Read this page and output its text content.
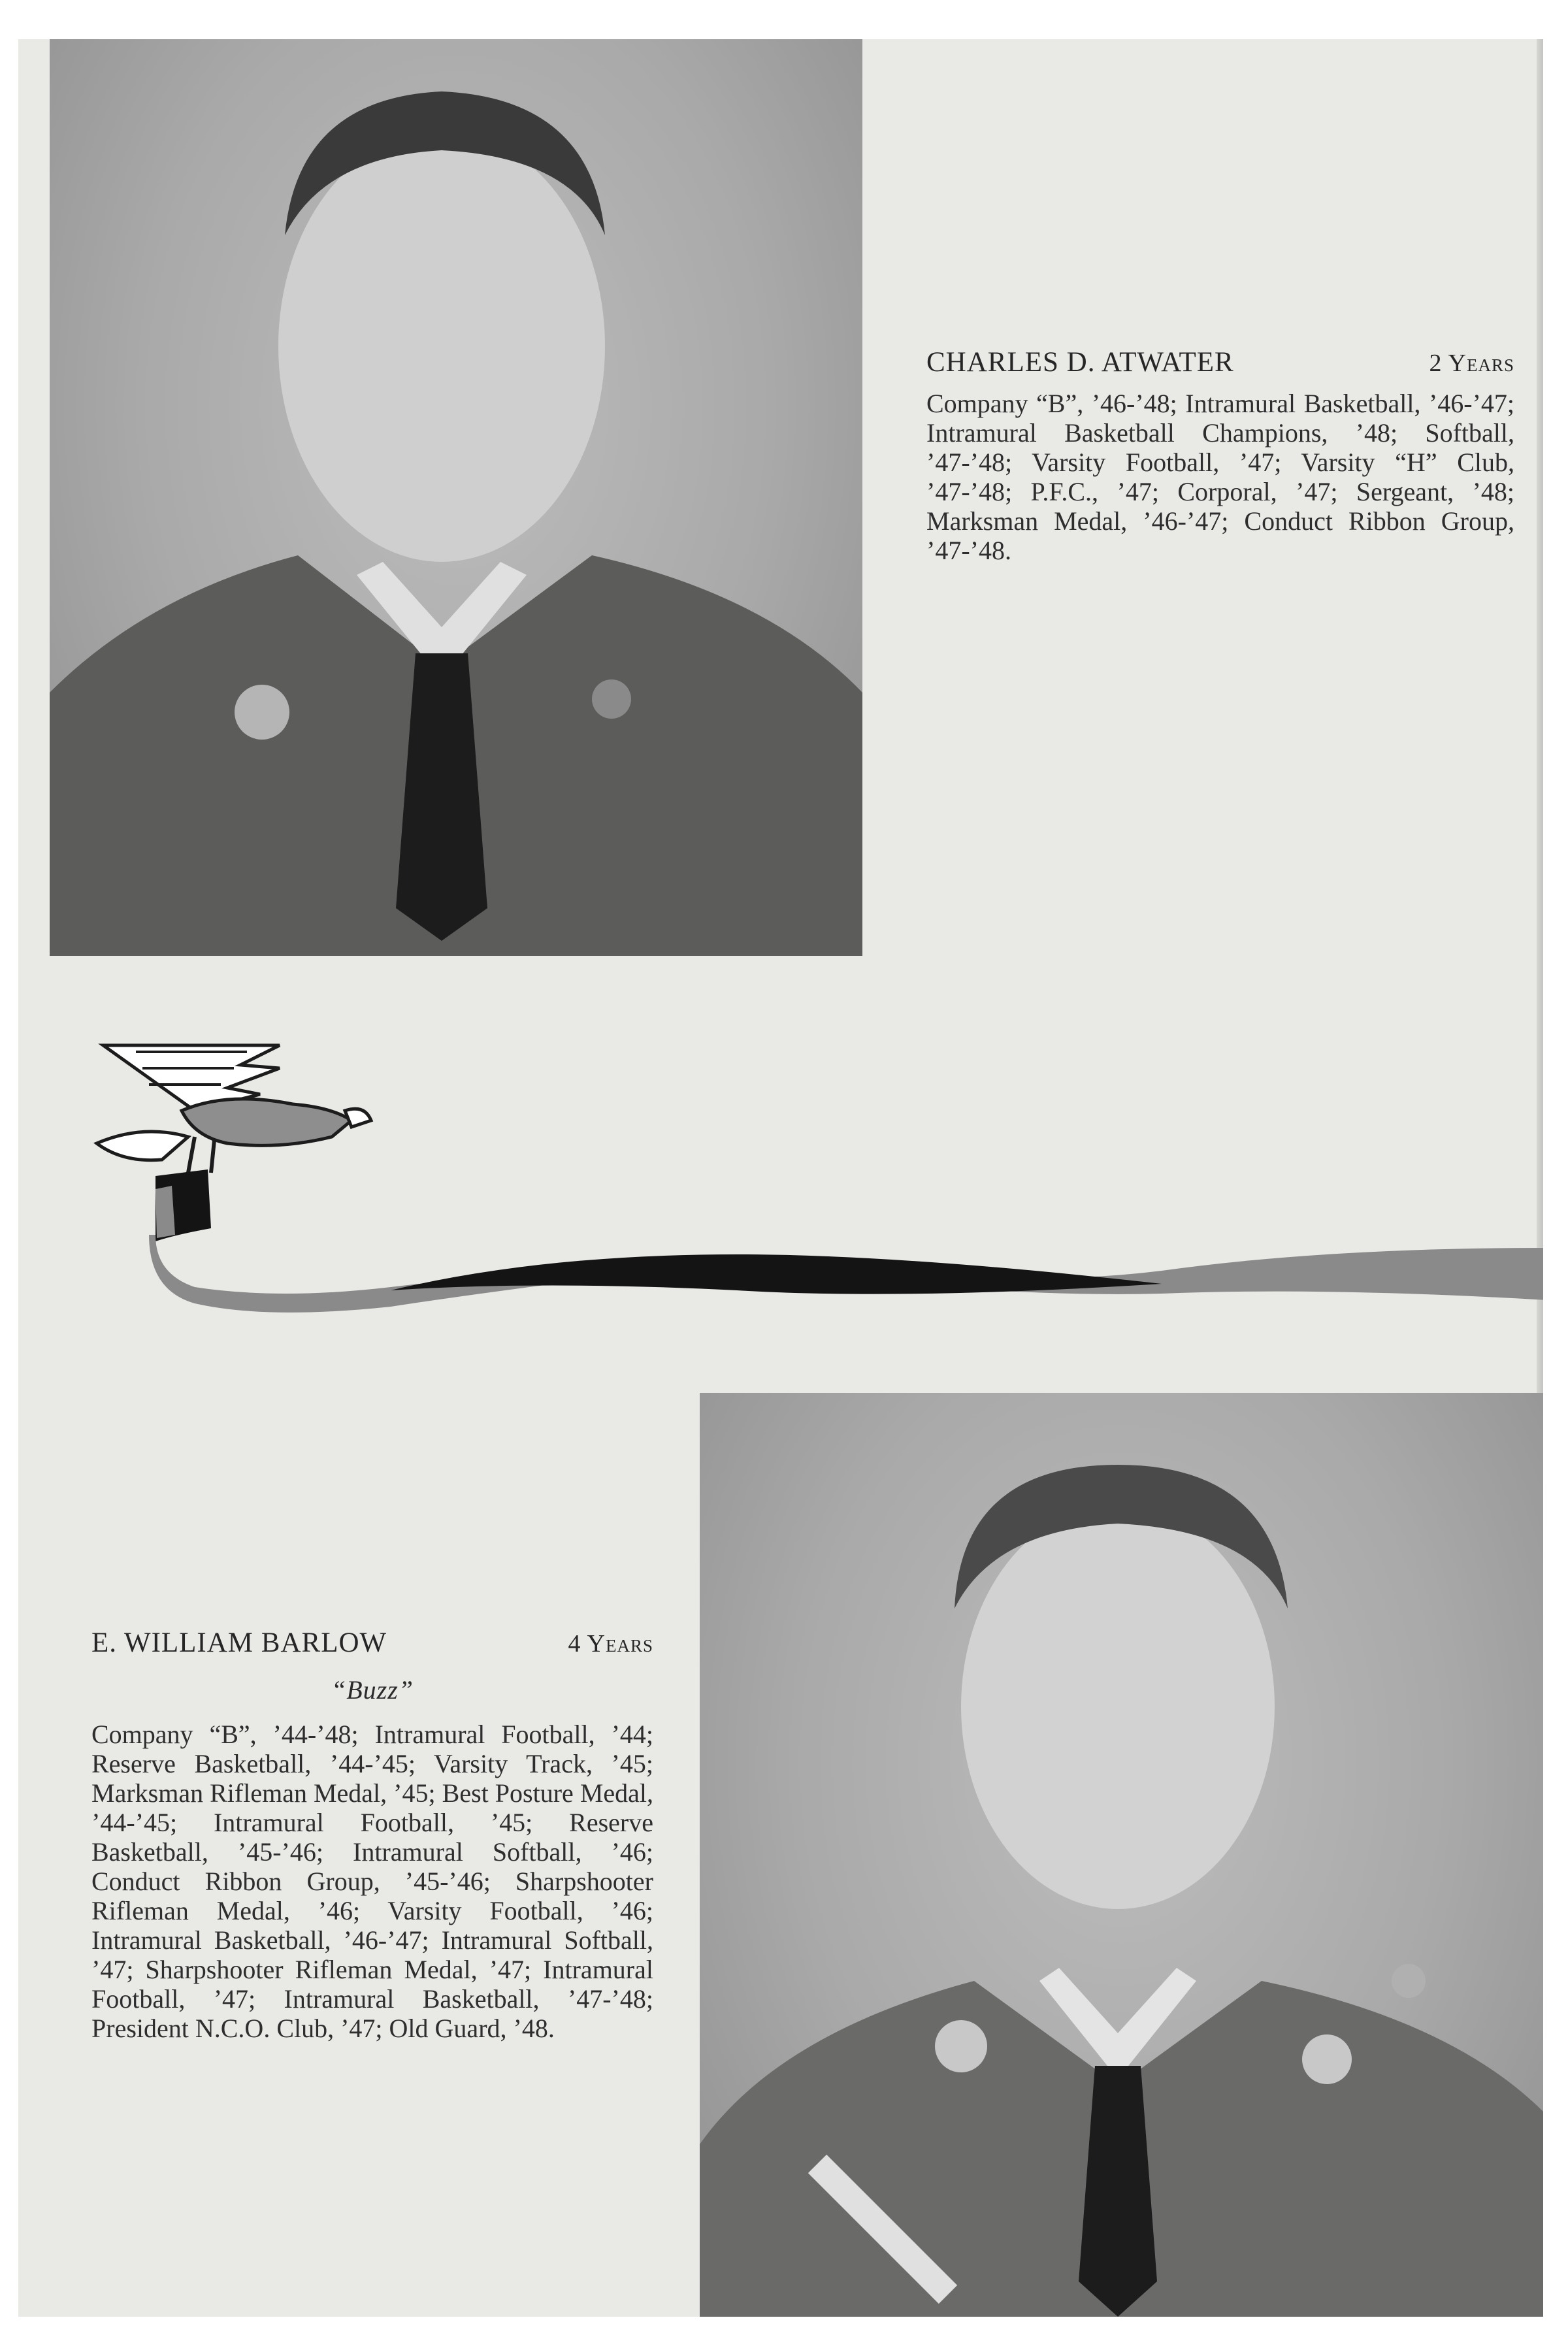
CHARLES D. ATWATER	2 Years
Company “B”, ’46-’48; Intramural Basketball, ’46-’47; Intramural Basketball Champions, ’48; Softball, ’47-’48; Varsity Football, ’47; Varsity “H” Club, ’47-’48; P.F.C., ’47; Corporal, ’47; Sergeant, ’48; Marksman Medal, ’46-’47; Conduct Ribbon Group, ’47-’48.
E. WILLIAM BARLOW	4 Years
“Buzz”
Company “B”, ’44-’48; Intramural Football, ’44; Reserve Basketball, ’44-’45; Varsity Track, ’45; Marksman Rifleman Medal, ’45; Best Posture Medal, ’44-’45; Intramural Football, ’45; Reserve Basketball, ’45-’46; Intramural Softball, ’46; Conduct Ribbon Group, ’45-’46; Sharpshooter Rifleman Medal, ’46; Varsity Football, ’46; Intramural Basketball, ’46-’47; Intramural Softball, ’47; Sharpshooter Rifleman Medal, ’47; Intramural Football, ’47; Intramural Basketball, ’47-’48; President N.C.O. Club, ’47; Old Guard, ’48.
